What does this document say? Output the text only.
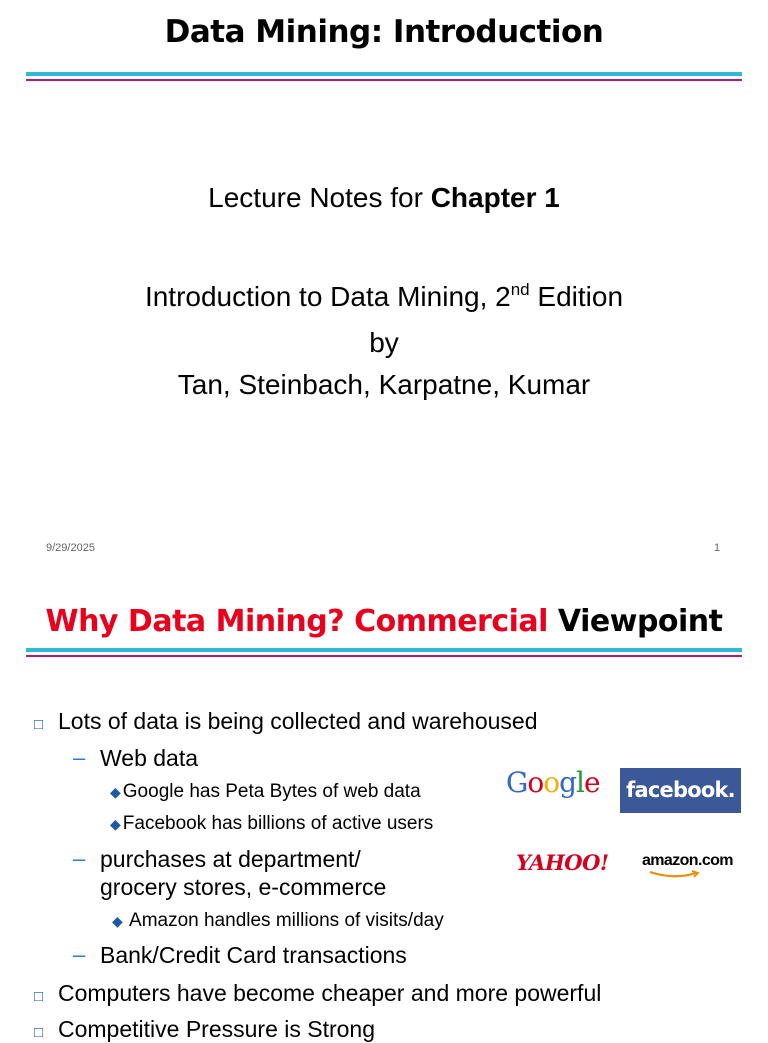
Data Mining: Introduction
Lecture Notes for Chapter 1
Introduction to Data Mining, 2nd Edition
by
Tan, Steinbach, Karpatne, Kumar
9/29/2025	1
Why Data Mining? Commercial Viewpoint
□ Lots of data is being collected and warehoused
– Web data
◆ Google has Peta Bytes of web data
◆ Facebook has billions of active users
– purchases at department/
grocery stores, e-commerce
◆ Amazon handles millions of visits/day
– Bank/Credit Card transactions
□ Computers have become cheaper and more powerful
□ Competitive Pressure is Strong
Google facebook.
YAHOO! amazon.com
